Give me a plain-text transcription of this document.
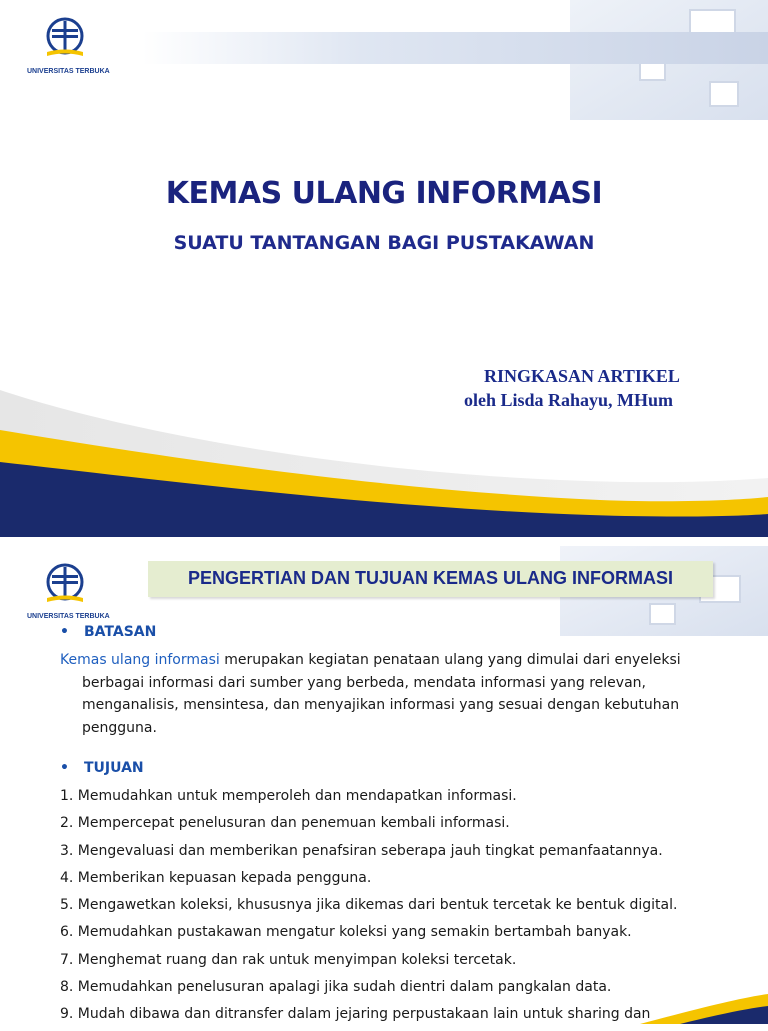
UNIVERSITAS TERBUKA
KEMAS ULANG INFORMASI
SUATU TANTANGAN BAGI PUSTAKAWAN
RINGKASAN ARTIKEL
oleh Lisda Rahayu, MHum
UNIVERSITAS TERBUKA
PENGERTIAN DAN TUJUAN KEMAS ULANG INFORMASI
• BATASAN
Kemas ulang informasi merupakan kegiatan penataan ulang yang dimulai dari enyeleksi
berbagai informasi dari sumber yang berbeda, mendata informasi yang relevan,
menganalisis, mensintesa, dan menyajikan informasi yang sesuai dengan kebutuhan
pengguna.
• TUJUAN
1. Memudahkan untuk memperoleh dan mendapatkan informasi.
2. Mempercepat penelusuran dan penemuan kembali informasi.
3. Mengevaluasi dan memberikan penafsiran seberapa jauh tingkat pemanfaatannya.
4. Memberikan kepuasan kepada pengguna.
5. Mengawetkan koleksi, khususnya jika dikemas dari bentuk tercetak ke bentuk digital.
6. Memudahkan pustakawan mengatur koleksi yang semakin bertambah banyak.
7. Menghemat ruang dan rak untuk menyimpan koleksi tercetak.
8. Memudahkan penelusuran apalagi jika sudah dientri dalam pangkalan data.
9. Mudah dibawa dan ditransfer dalam jejaring perpustakaan lain untuk sharing dan
